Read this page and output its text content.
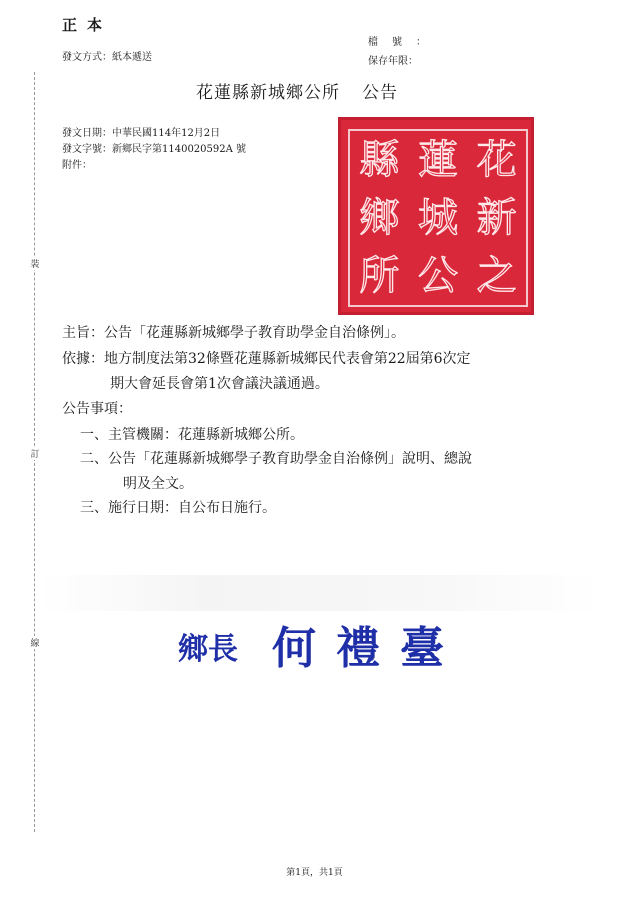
裝
訂
線
正本
發文方式：紙本遞送
檔　號 ：
保存年限：
花蓮縣新城鄉公所 公告
發文日期：中華民國114年12月2日
發文字號：新鄉民字第1140020592A 號
附件：	縣 蓮 花
鄉 城 新
所 公 之
主旨：公告「花蓮縣新城鄉學子教育助學金自治條例」。
依據：地方制度法第32條暨花蓮縣新城鄉民代表會第22屆第6次定
期大會延長會第1次會議決議通過。
公告事項：
一、主管機關：花蓮縣新城鄉公所。
二、公告「花蓮縣新城鄉學子教育助學金自治條例」說明、總說
明及全文。
三、施行日期：自公布日施行。
鄉長 何禮臺
第1頁，共1頁
